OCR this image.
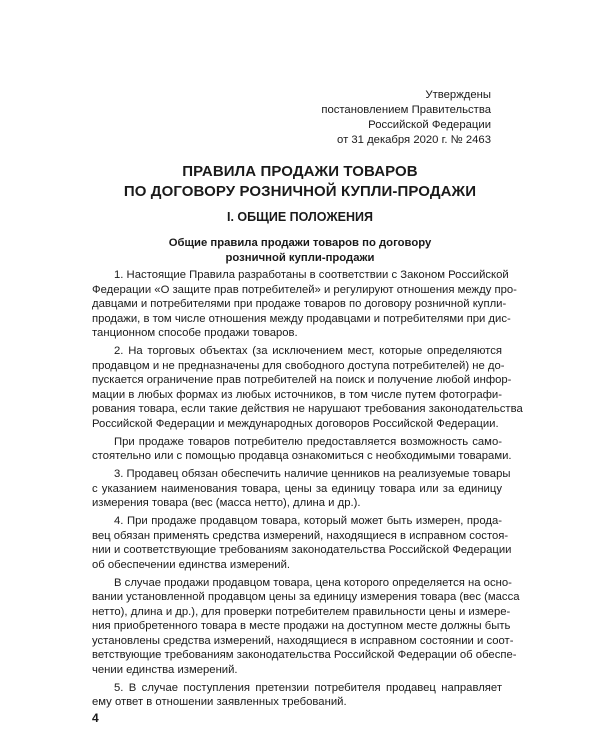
Утверждены
постановлением Правительства
Российской Федерации
от 31 декабря 2020 г. № 2463
ПРАВИЛА ПРОДАЖИ ТОВАРОВ
ПО ДОГОВОРУ РОЗНИЧНОЙ КУПЛИ-ПРОДАЖИ
I. ОБЩИЕ ПОЛОЖЕНИЯ
Общие правила продажи товаров по договору
розничной купли-продажи

1. Настоящие Правила разработаны в соответствии с Законом Российской
Федерации «О защите прав потребителей» и регулируют отношения между про-
давцами и потребителями при продаже товаров по договору розничной купли-
продажи, в том числе отношения между продавцами и потребителями при дис-
танционном способе продажи товаров.

2. На торговых объектах (за исключением мест, которые определяются
продавцом и не предназначены для свободного доступа потребителей) не до-
пускается ограничение прав потребителей на поиск и получение любой инфор-
мации в любых формах из любых источников, в том числе путем фотографи-
рования товара, если такие действия не нарушают требования законодательства
Российской Федерации и международных договоров Российской Федерации.

При продаже товаров потребителю предоставляется возможность само-
стоятельно или с помощью продавца ознакомиться с необходимыми товарами.

3. Продавец обязан обеспечить наличие ценников на реализуемые товары
с указанием наименования товара, цены за единицу товара или за единицу
измерения товара (вес (масса нетто), длина и др.).

4. При продаже продавцом товара, который может быть измерен, прода-
вец обязан применять средства измерений, находящиеся в исправном состоя-
нии и соответствующие требованиям законодательства Российской Федерации
об обеспечении единства измерений.

В случае продажи продавцом товара, цена которого определяется на осно-
вании установленной продавцом цены за единицу измерения товара (вес (масса
нетто), длина и др.), для проверки потребителем правильности цены и измере-
ния приобретенного товара в месте продажи на доступном месте должны быть
установлены средства измерений, находящиеся в исправном состоянии и соот-
ветствующие требованиям законодательства Российской Федерации об обеспе-
чении единства измерений.

5. В случае поступления претензии потребителя продавец направляет
ему ответ в отношении заявленных требований.

4
